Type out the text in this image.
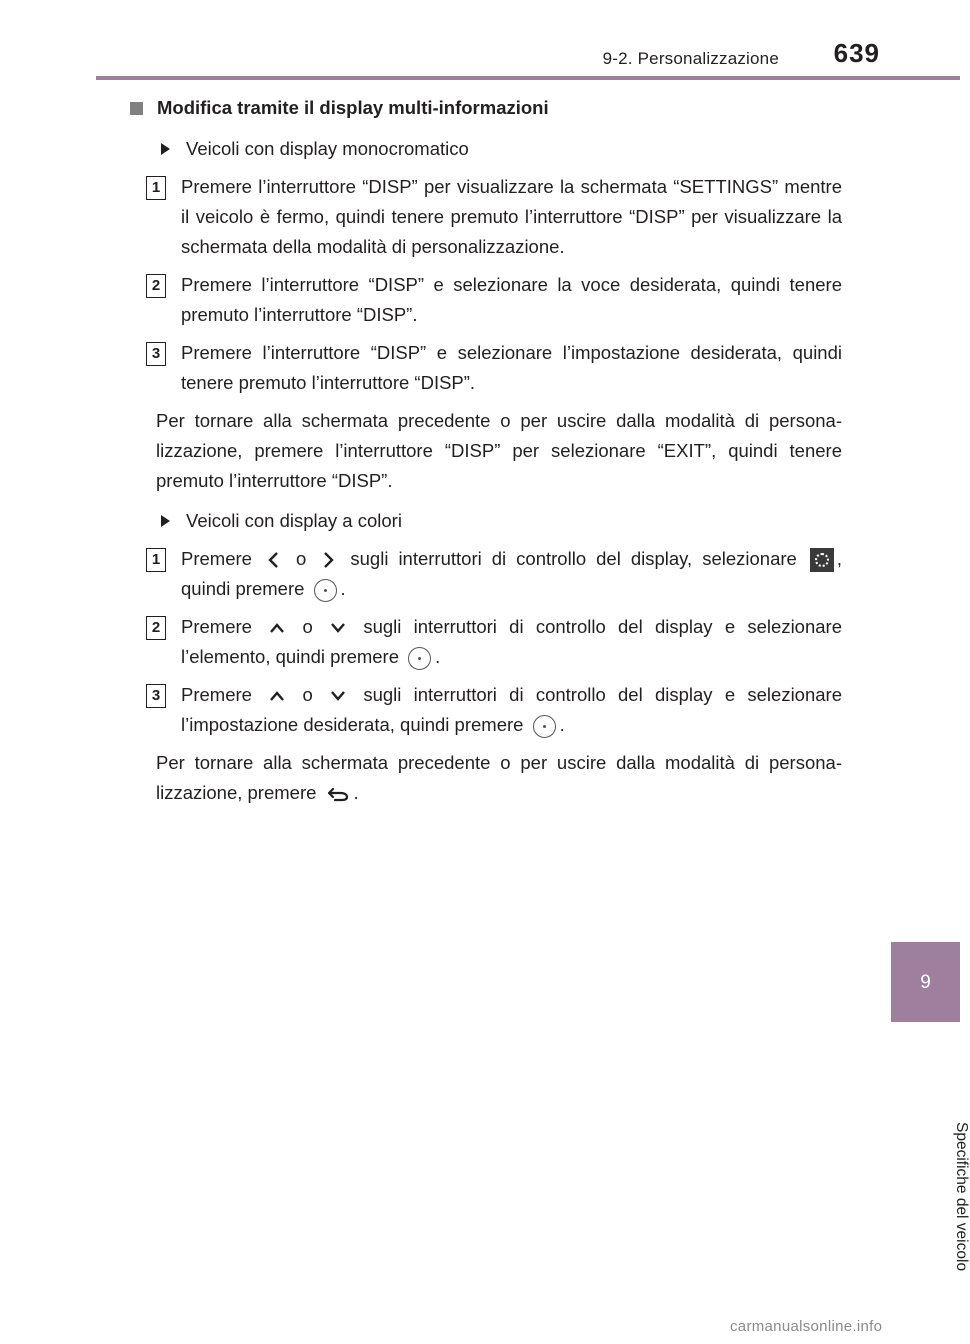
9-2. Personalizzazione 639
9
Specifiche del veicolo
Modifica tramite il display multi-informazioni
Veicoli con display monocromatico
1	Premere l’interruttore “DISP” per visualizzare la schermata “SETTINGS” mentre il veicolo è fermo, quindi tenere premuto l’interruttore “DISP” per visualizzare la schermata della modalità di personalizzazione.
2	Premere l’interruttore “DISP” e selezionare la voce desiderata, quindi tenere premuto l’interruttore “DISP”.
3	Premere l’interruttore “DISP” e selezionare l’impostazione desiderata, quindi tenere premuto l’interruttore “DISP”.
Per tornare alla schermata precedente o per uscire dalla modalità di persona-lizzazione, premere l’interruttore “DISP” per selezionare “EXIT”, quindi tenere premuto l’interruttore “DISP”.
Veicoli con display a colori
1	Premere o sugli interruttori di controllo del display, selezionare , quindi premere .
2	Premere	o	sugli interruttori di controllo del display e selezionare l’elemento, quindi premere .
3	Premere	o	sugli interruttori di controllo del display e selezionare l’impostazione desiderata, quindi premere .
Per tornare alla schermata precedente o per uscire dalla modalità di persona-lizzazione, premere .
carmanualsonline.info
